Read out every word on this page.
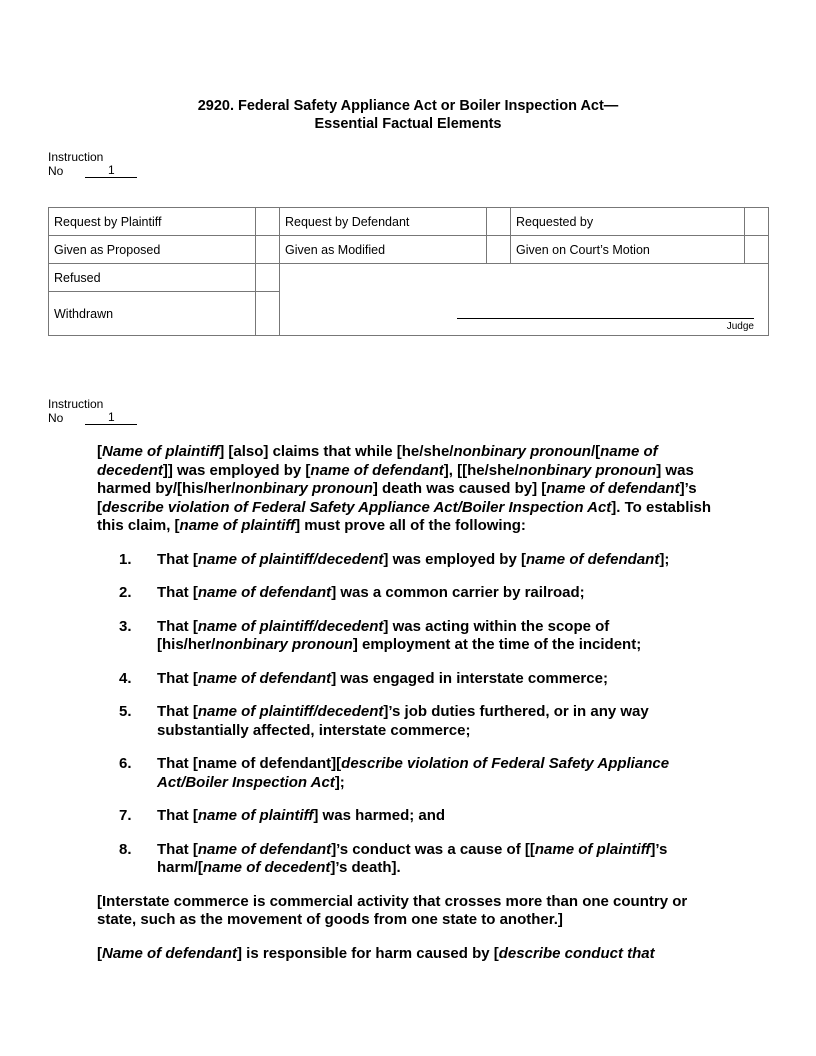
2920. Federal Safety Appliance Act or Boiler Inspection Act—
Essential Factual Elements
Instruction
No	1
Request by Plaintiff		Request by Defendant		Requested by	
Given as Proposed		Given as Modified		Given on Court’s Motion	
Refused		Judge			

Withdrawn					
Instruction
No	1

[Name of plaintiff] [also] claims that while [he/she/nonbinary pronoun/[name of decedent]] was employed by [name of defendant], [[he/she/nonbinary pronoun] was harmed by/[his/her/nonbinary pronoun] death was caused by] [name of defendant]’s [describe violation of Federal Safety Appliance Act/Boiler Inspection Act]. To establish this claim, [name of plaintiff] must prove all of the following:

1.	That [name of plaintiff/decedent] was employed by [name of defendant];
2.	That [name of defendant] was a common carrier by railroad;
3.	That [name of plaintiff/decedent] was acting within the scope of [his/her/nonbinary pronoun] employment at the time of the incident;
4.	That [name of defendant] was engaged in interstate commerce;
5.	That [name of plaintiff/decedent]’s job duties furthered, or in any way substantially affected, interstate commerce;
6.	That [name of defendant][describe violation of Federal Safety Appliance Act/Boiler Inspection Act];
7.	That [name of plaintiff] was harmed; and
8.	That [name of defendant]’s conduct was a cause of [[name of plaintiff]’s harm/[name of decedent]’s death].

[Interstate commerce is commercial activity that crosses more than one country or state, such as the movement of goods from one state to another.]

[Name of defendant] is responsible for harm caused by [describe conduct that
